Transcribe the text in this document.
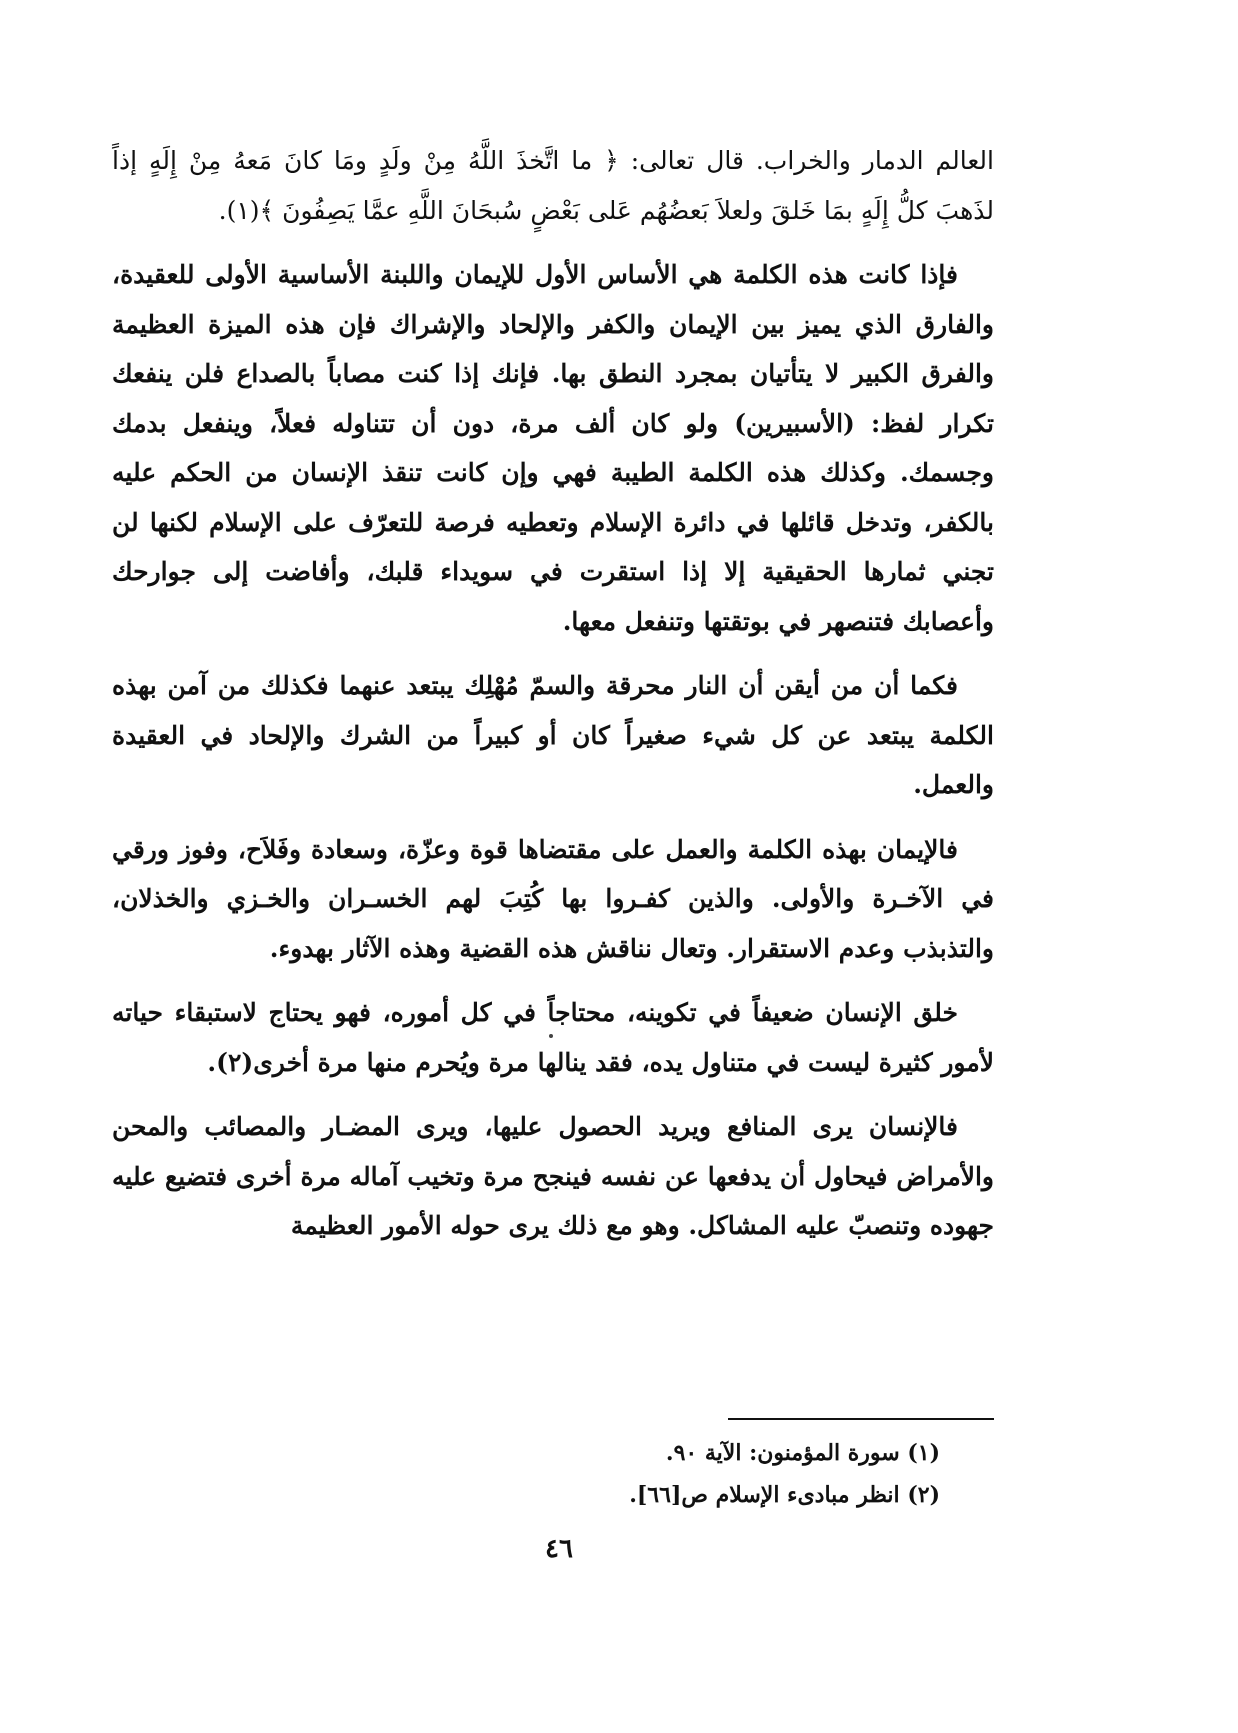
العالم الدمار والخراب. قال تعالى: ﴿ ما اتَّخذَ اللَّهُ مِنْ ولَدٍ ومَا كانَ مَعهُ مِنْ إِلَهٍ إذاً لذَهبَ كلُّ إِلَهٍ بمَا خَلقَ ولعلاَ بَعضُهُم عَلى بَعْضٍ سُبحَانَ اللَّهِ عمَّا يَصِفُونَ ﴾(١).

فإذا كانت هذه الكلمة هي الأساس الأول للإيمان واللبنة الأساسية الأولى للعقيدة، والفارق الذي يميز بين الإيمان والكفر والإلحاد والإشراك فإن هذه الميزة العظيمة والفرق الكبير لا يتأتيان بمجرد النطق بها. فإنك إذا كنت مصاباً بالصداع فلن ينفعك تكرار لفظ: (الأسبيرين) ولو كان ألف مرة، دون أن تتناوله فعلاً، وينفعل بدمك وجسمك. وكذلك هذه الكلمة الطيبة فهي وإن كانت تنقذ الإنسان من الحكم عليه بالكفر، وتدخل قائلها في دائرة الإسلام وتعطيه فرصة للتعرّف على الإسلام لكنها لن تجني ثمارها الحقيقية إلا إذا استقرت في سويداء قلبك، وأفاضت إلى جوارحك وأعصابك فتنصهر في بوتقتها وتنفعل معها.

فكما أن من أيقن أن النار محرقة والسمّ مُهْلِك يبتعد عنهما فكذلك من آمن بهذه الكلمة يبتعد عن كل شيء صغيراً كان أو كبيراً من الشرك والإلحاد في العقيدة والعمل.

فالإيمان بهذه الكلمة والعمل على مقتضاها قوة وعزّة، وسعادة وفَلاَح، وفوز ورقي في الآخـرة والأولى. والذين كفـروا بها كُتِبَ لهم الخسـران والخـزي والخذلان، والتذبذب وعدم الاستقرار. وتعال نناقش هذه القضية وهذه الآثار بهدوء.

خلق الإنسان ضعيفاً في تكوينه، محتاجاً في كل أموره، فهو يحتاج لاستبقاء حياته لأمور كثيرة ليست في متناول يده، فقد ينالها مرة ويُحرم منها مرة أخرى(٢).

فالإنسان يرى المنافع ويريد الحصول عليها، ويرى المضـار والمصائب والمحن والأمراض فيحاول أن يدفعها عن نفسه فينجح مرة وتخيب آماله مرة أخرى فتضيع عليه جهوده وتنصبّ عليه المشاكل. وهو مع ذلك يرى حوله الأمور العظيمة

(١) سورة المؤمنون: الآية ٩٠.

(٢) انظر مبادىء الإسلام ص[٦٦].

٤٦
